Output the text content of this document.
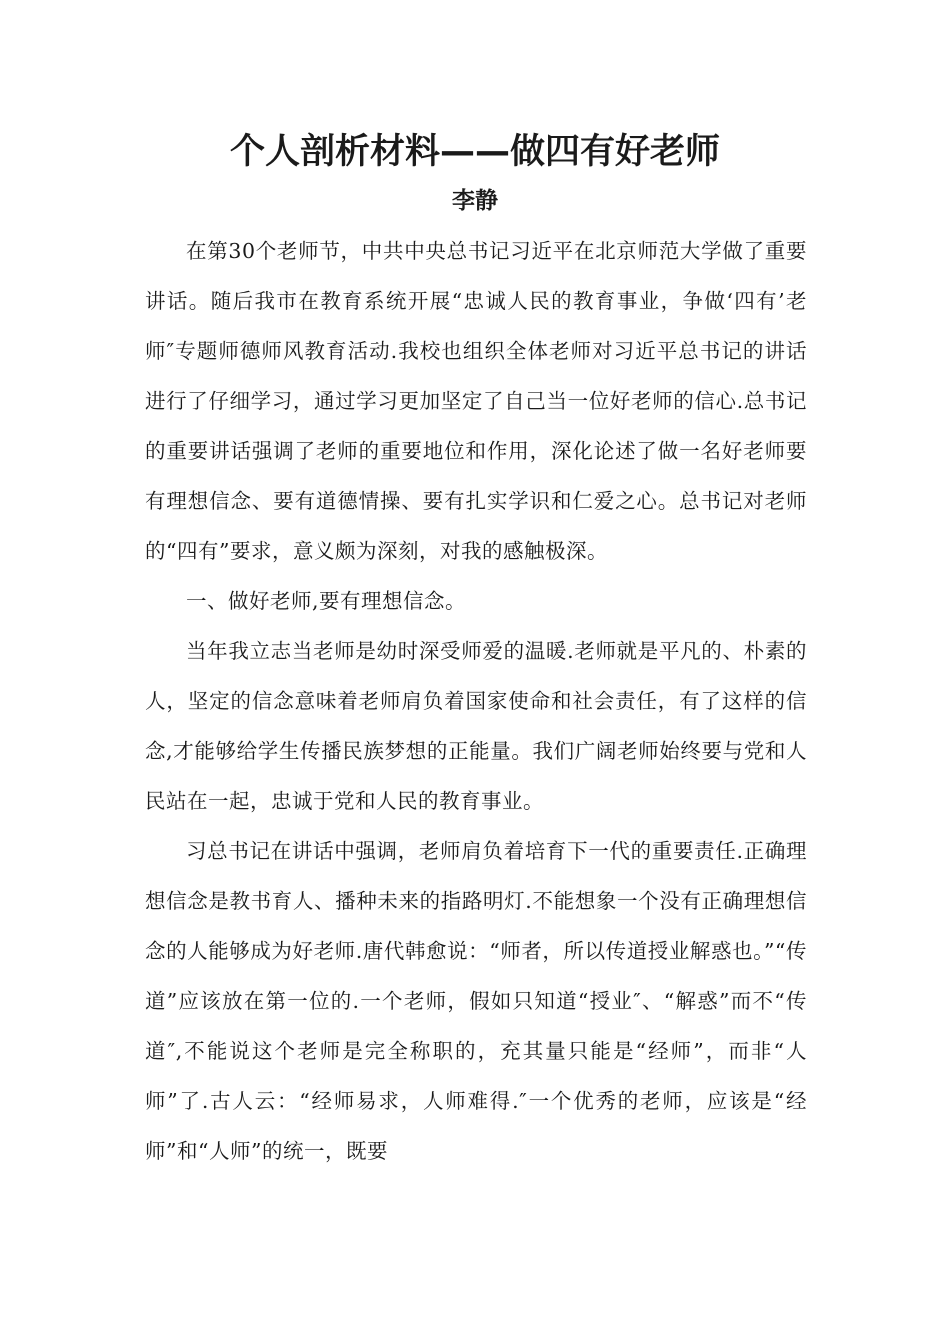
个人剖析材料——做四有好老师
李静

在第30个老师节，中共中央总书记习近平在北京师范大学做了重要讲话。随后我市在教育系统开展“忠诚人民的教育事业，争做‘四有’老师″专题师德师风教育活动.我校也组织全体老师对习近平总书记的讲话进行了仔细学习，通过学习更加坚定了自己当一位好老师的信心.总书记的重要讲话强调了老师的重要地位和作用，深化论述了做一名好老师要有理想信念、要有道德情操、要有扎实学识和仁爱之心。总书记对老师的“四有”要求，意义颇为深刻，对我的感触极深。

一、做好老师,要有理想信念。

当年我立志当老师是幼时深受师爱的温暖.老师就是平凡的、朴素的人，坚定的信念意味着老师肩负着国家使命和社会责任，有了这样的信念,才能够给学生传播民族梦想的正能量。我们广阔老师始终要与党和人民站在一起，忠诚于党和人民的教育事业。

习总书记在讲话中强调，老师肩负着培育下一代的重要责任.正确理想信念是教书育人、播种未来的指路明灯.不能想象一个没有正确理想信念的人能够成为好老师.唐代韩愈说：“师者，所以传道授业解惑也。”“传道”应该放在第一位的.一个老师，假如只知道“授业″、“解惑”而不“传道″,不能说这个老师是完全称职的，充其量只能是“经师”，而非“人师”了.古人云：“经师易求，人师难得.″一个优秀的老师，应该是“经师”和“人师”的统一，既要
